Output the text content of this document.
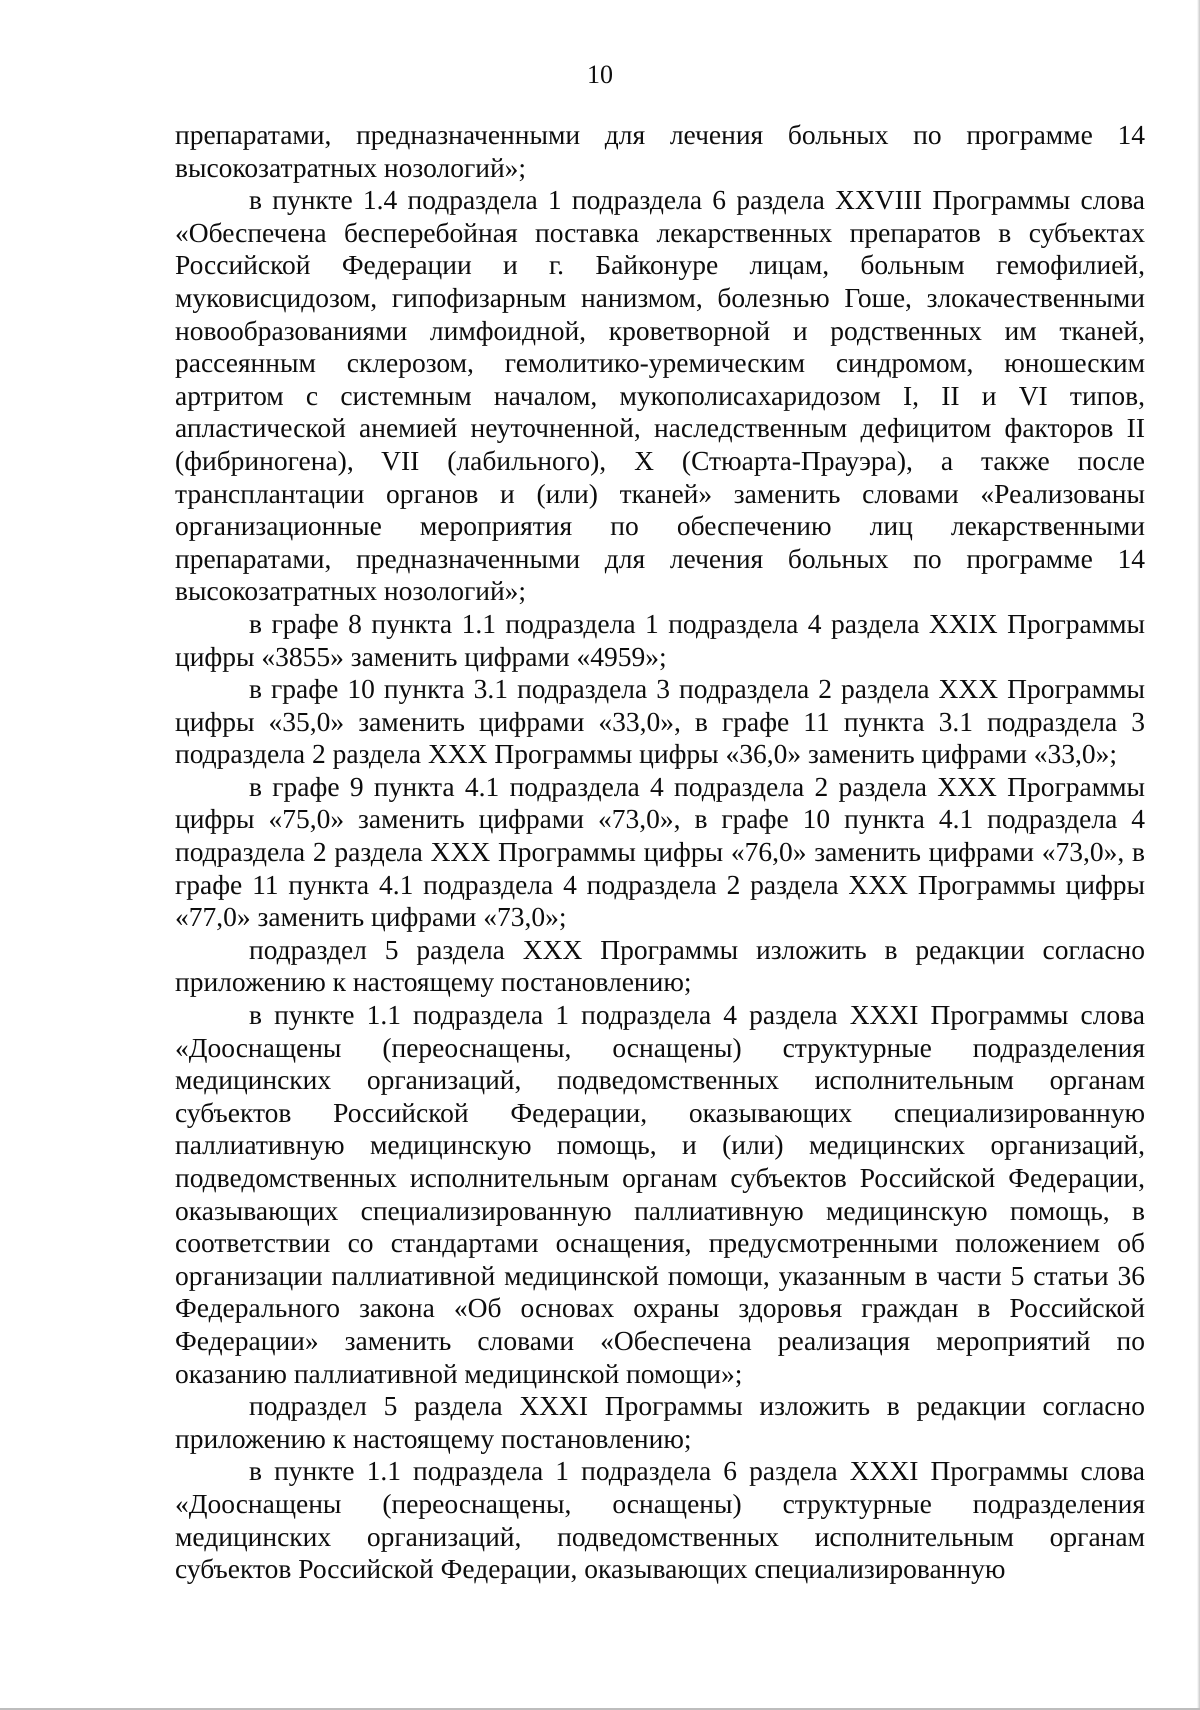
10

препаратами, предназначенными для лечения больных по программе 14 высокозатратных нозологий»;

в пункте 1.4 подраздела 1 подраздела 6 раздела XXVIII Программы слова «Обеспечена бесперебойная поставка лекарственных препаратов в субъектах Российской Федерации и г. Байконуре лицам, больным гемофилией, муковисцидозом, гипофизарным нанизмом, болезнью Гоше, злокачественными новообразованиями лимфоидной, кроветворной и родственных им тканей, рассеянным склерозом, гемолитико-уремическим синдромом, юношеским артритом с системным началом, мукополисахаридозом I, II и VI типов, апластической анемией неуточненной, наследственным дефицитом факторов II (фибриногена), VII (лабильного), X (Стюарта-Прауэра), а также после трансплантации органов и (или) тканей» заменить словами «Реализованы организационные мероприятия по обеспечению лиц лекарственными препаратами, предназначенными для лечения больных по программе 14 высокозатратных нозологий»;

в графе 8 пункта 1.1 подраздела 1 подраздела 4 раздела XXIX Программы цифры «3855» заменить цифрами «4959»;

в графе 10 пункта 3.1 подраздела 3 подраздела 2 раздела XXX Программы цифры «35,0» заменить цифрами «33,0», в графе 11 пункта 3.1 подраздела 3 подраздела 2 раздела XXX Программы цифры «36,0» заменить цифрами «33,0»;

в графе 9 пункта 4.1 подраздела 4 подраздела 2 раздела XXX Программы цифры «75,0» заменить цифрами «73,0», в графе 10 пункта 4.1 подраздела 4 подраздела 2 раздела XXX Программы цифры «76,0» заменить цифрами «73,0», в графе 11 пункта 4.1 подраздела 4 подраздела 2 раздела XXX Программы цифры «77,0» заменить цифрами «73,0»;

подраздел 5 раздела XXX Программы изложить в редакции согласно приложению к настоящему постановлению;

в пункте 1.1 подраздела 1 подраздела 4 раздела XXXI Программы слова «Дооснащены (переоснащены, оснащены) структурные подразделения медицинских организаций, подведомственных исполнительным органам субъектов Российской Федерации, оказывающих специализированную паллиативную медицинскую помощь, и (или) медицинских организаций, подведомственных исполнительным органам субъектов Российской Федерации, оказывающих специализированную паллиативную медицинскую помощь, в соответствии со стандартами оснащения, предусмотренными положением об организации паллиативной медицинской помощи, указанным в части 5 статьи 36 Федерального закона «Об основах охраны здоровья граждан в Российской Федерации» заменить словами «Обеспечена реализация мероприятий по оказанию паллиативной медицинской помощи»;

подраздел 5 раздела XXXI Программы изложить в редакции согласно приложению к настоящему постановлению;

в пункте 1.1 подраздела 1 подраздела 6 раздела XXXI Программы слова «Дооснащены (переоснащены, оснащены) структурные подразделения медицинских организаций, подведомственных исполнительным органам субъектов Российской Федерации, оказывающих специализированную
